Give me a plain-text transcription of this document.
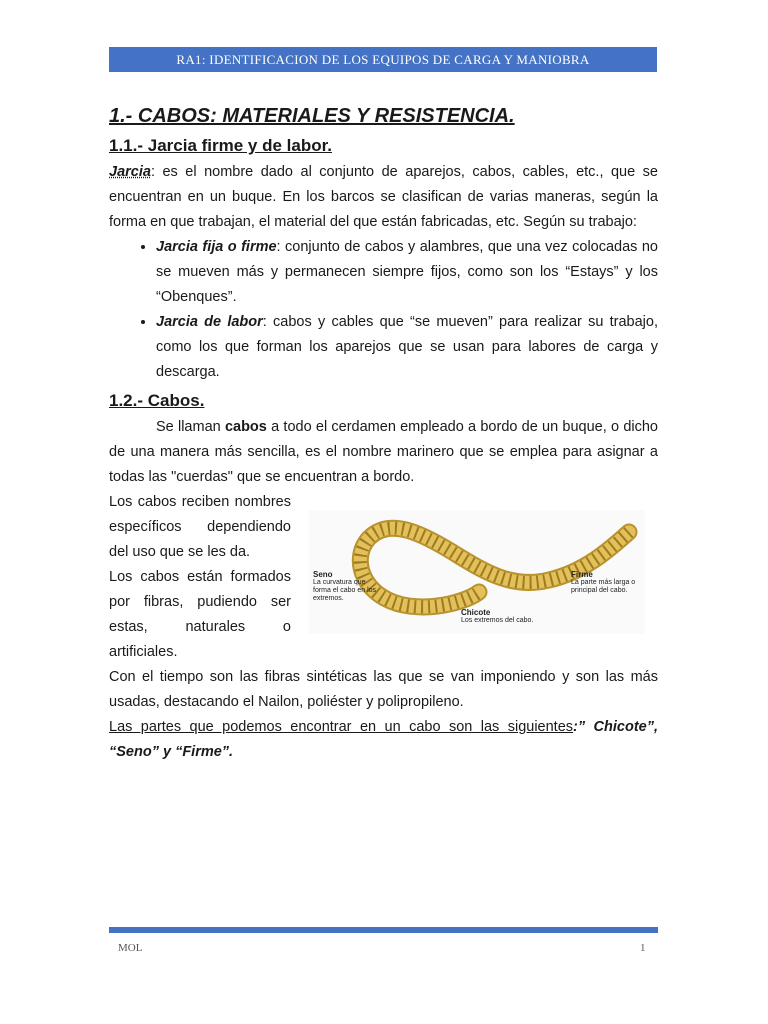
RA1: IDENTIFICACION DE LOS EQUIPOS DE CARGA Y MANIOBRA
1.- CABOS: MATERIALES Y RESISTENCIA.
1.1.- Jarcia firme y de labor.

Jarcia: es el nombre dado al conjunto de aparejos, cabos, cables, etc., que se encuentran en un buque. En los barcos se clasifican de varias maneras, según la forma en que trabajan, el material del que están fabricadas, etc. Según su trabajo:

• Jarcia fija o firme: conjunto de cabos y alambres, que una vez colocadas no se mueven más y permanecen siempre fijos, como son los “Estays” y los “Obenques”.
• Jarcia de labor: cabos y cables que “se mueven” para realizar su trabajo, como los que forman los aparejos que se usan para labores de carga y descarga.
1.2.- Cabos.

Se llaman cabos a todo el cerdamen empleado a bordo de un buque, o dicho de una manera más sencilla, es el nombre marinero que se emplea para asignar a todas las "cuerdas" que se encuentran a bordo.

Los cabos reciben nombres específicos dependiendo del uso que se les da.

Los cabos están formados por fibras, pudiendo ser estas, naturales o artificiales.

Seno
La curvatura que forma el cabo en los extremos.
Firme
La parte más larga o principal del cabo.
Chicote
Los extremos del cabo.

Con el tiempo son las fibras sintéticas las que se van imponiendo y son las más usadas, destacando el Nailon, poliéster y polipropileno.

Las partes que podemos encontrar en un cabo son las siguientes:” Chicote”, “Seno” y “Firme”.

MOL	1
